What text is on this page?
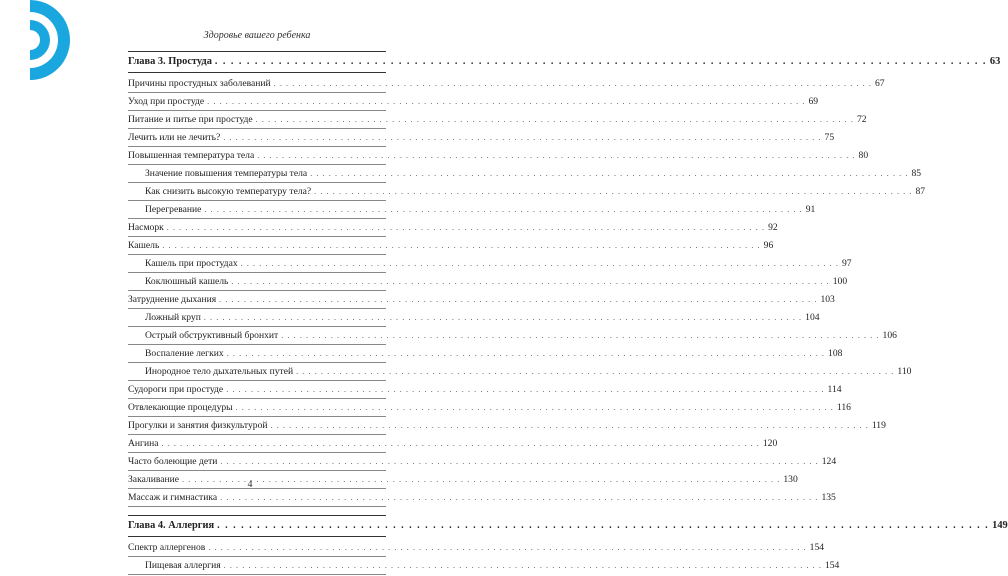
Здоровье вашего ребенка
Глава 3. Простуда . . .	63
Причины простудных заболеваний . . .	67
Уход при простуде . . .	69
Питание и питье при простуде . . .	72
Лечить или не лечить? . . .	75
Повышенная температура тела . . .	80
Значение повышения температуры тела . . .	85
Как снизить высокую температуру тела? . . .	87
Перегревание . . .	91
Насморк . . .	92
Кашель . . .	96
Кашель при простудах . . .	97
Коклюшный кашель . . .	100
Затруднение дыхания . . .	103
Ложный круп . . .	104
Острый обструктивный бронхит . . .	106
Воспаление легких . . .	108
Инородное тело дыхательных путей . . .	110
Судороги при простуде . . .	114
Отвлекающие процедуры . . .	116
Прогулки и занятия физкультурой . . .	119
Ангина . . .	120
Часто болеющие дети . . .	124
Закаливание . . .	130
Массаж и гимнастика . . .	135
Глава 4. Аллергия . . .	149
Спектр аллергенов . . .	154
Пищевая аллергия . . .	154
4
